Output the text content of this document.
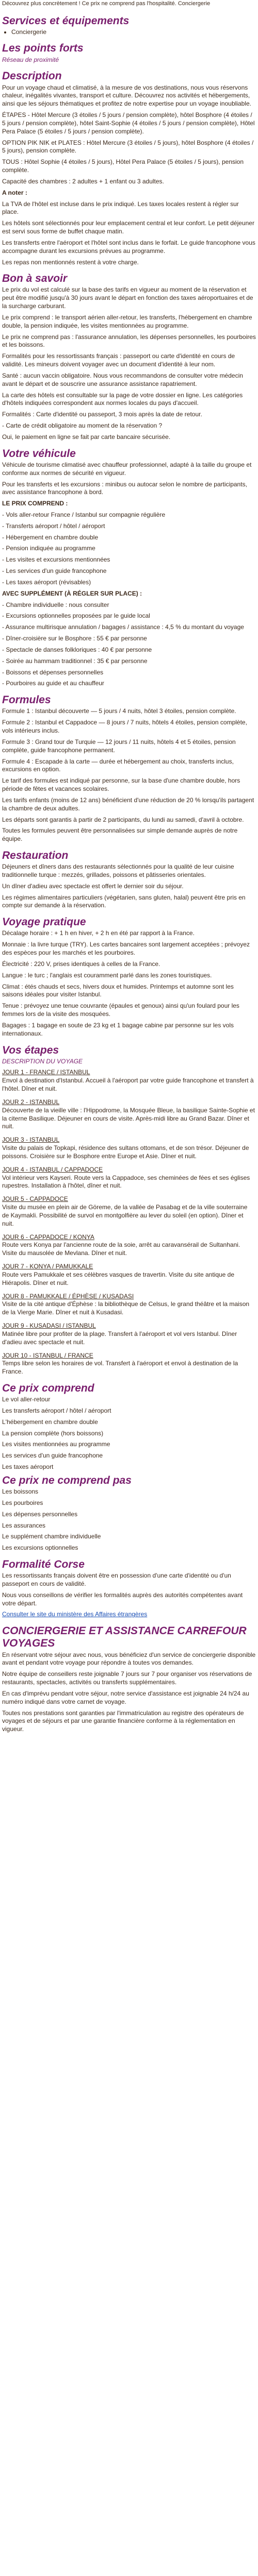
Découvrez plus concrètement ! Ce prix ne comprend pas l'hospitalité. Conciergerie

Services et équipements
• Conciergerie
Les points forts
Réseau de proximité
Description

Pour un voyage chaud et climatisé, à la mesure de vos destinations, nous vous réservons chaleur, inégalités vivantes, transport et culture. Découvrez nos activités et hébergements, ainsi que les séjours thématiques et profitez de notre expertise pour un voyage inoubliable.

ÉTAPES - Hôtel Mercure (3 étoiles / 5 jours / pension complète), hôtel Bosphore (4 étoiles / 5 jours / pension complète), hôtel Saint-Sophie (4 étoiles / 5 jours / pension complète), Hôtel Pera Palace (5 étoiles / 5 jours / pension complète).

OPTION PIK NIK et PLATES : Hôtel Mercure (3 étoiles / 5 jours), hôtel Bosphore (4 étoiles / 5 jours), pension complète.

TOUS : Hôtel Sophie (4 étoiles / 5 jours), Hôtel Pera Palace (5 étoiles / 5 jours), pension complète.

Capacité des chambres : 2 adultes + 1 enfant ou 3 adultes.

A noter :

La TVA de l'hôtel est incluse dans le prix indiqué. Les taxes locales restent à régler sur place.

Les hôtels sont sélectionnés pour leur emplacement central et leur confort. Le petit déjeuner est servi sous forme de buffet chaque matin.

Les transferts entre l'aéroport et l'hôtel sont inclus dans le forfait. Le guide francophone vous accompagne durant les excursions prévues au programme.

Les repas non mentionnés restent à votre charge.

Bon à savoir

Le prix du vol est calculé sur la base des tarifs en vigueur au moment de la réservation et peut être modifié jusqu'à 30 jours avant le départ en fonction des taxes aéroportuaires et de la surcharge carburant.

Le prix comprend : le transport aérien aller-retour, les transferts, l'hébergement en chambre double, la pension indiquée, les visites mentionnées au programme.

Le prix ne comprend pas : l'assurance annulation, les dépenses personnelles, les pourboires et les boissons.

Formalités pour les ressortissants français : passeport ou carte d'identité en cours de validité. Les mineurs doivent voyager avec un document d'identité à leur nom.

Santé : aucun vaccin obligatoire. Nous vous recommandons de consulter votre médecin avant le départ et de souscrire une assurance assistance rapatriement.

La carte des hôtels est consultable sur la page de votre dossier en ligne. Les catégories d'hôtels indiquées correspondent aux normes locales du pays d'accueil.

Formalités : Carte d'identité ou passeport, 3 mois après la date de retour.

- Carte de crédit obligatoire au moment de la réservation ?

Oui, le paiement en ligne se fait par carte bancaire sécurisée.

Votre véhicule

Véhicule de tourisme climatisé avec chauffeur professionnel, adapté à la taille du groupe et conforme aux normes de sécurité en vigueur.

Pour les transferts et les excursions : minibus ou autocar selon le nombre de participants, avec assistance francophone à bord.

LE PRIX COMPREND :

- Vols aller-retour France / Istanbul sur compagnie régulière

- Transferts aéroport / hôtel / aéroport

- Hébergement en chambre double

- Pension indiquée au programme

- Les visites et excursions mentionnées

- Les services d'un guide francophone

- Les taxes aéroport (révisables)

AVEC SUPPLÉMENT (À RÉGLER SUR PLACE) :

- Chambre individuelle : nous consulter

- Excursions optionnelles proposées par le guide local

- Assurance multirisque annulation / bagages / assistance : 4,5 % du montant du voyage

- Dîner-croisière sur le Bosphore : 55 € par personne

- Spectacle de danses folkloriques : 40 € par personne

- Soirée au hammam traditionnel : 35 € par personne

- Boissons et dépenses personnelles

- Pourboires au guide et au chauffeur

Formules

Formule 1 : Istanbul découverte — 5 jours / 4 nuits, hôtel 3 étoiles, pension complète.

Formule 2 : Istanbul et Cappadoce — 8 jours / 7 nuits, hôtels 4 étoiles, pension complète, vols intérieurs inclus.

Formule 3 : Grand tour de Turquie — 12 jours / 11 nuits, hôtels 4 et 5 étoiles, pension complète, guide francophone permanent.

Formule 4 : Escapade à la carte — durée et hébergement au choix, transferts inclus, excursions en option.

Le tarif des formules est indiqué par personne, sur la base d'une chambre double, hors période de fêtes et vacances scolaires.

Les tarifs enfants (moins de 12 ans) bénéficient d'une réduction de 20 % lorsqu'ils partagent la chambre de deux adultes.

Les départs sont garantis à partir de 2 participants, du lundi au samedi, d'avril à octobre.

Toutes les formules peuvent être personnalisées sur simple demande auprès de notre équipe.

Restauration

Déjeuners et dîners dans des restaurants sélectionnés pour la qualité de leur cuisine traditionnelle turque : mezzés, grillades, poissons et pâtisseries orientales.

Un dîner d'adieu avec spectacle est offert le dernier soir du séjour.

Les régimes alimentaires particuliers (végétarien, sans gluten, halal) peuvent être pris en compte sur demande à la réservation.

Voyage pratique

Décalage horaire : + 1 h en hiver, + 2 h en été par rapport à la France.

Monnaie : la livre turque (TRY). Les cartes bancaires sont largement acceptées ; prévoyez des espèces pour les marchés et les pourboires.

Électricité : 220 V, prises identiques à celles de la France.

Langue : le turc ; l'anglais est couramment parlé dans les zones touristiques.

Climat : étés chauds et secs, hivers doux et humides. Printemps et automne sont les saisons idéales pour visiter Istanbul.

Tenue : prévoyez une tenue couvrante (épaules et genoux) ainsi qu'un foulard pour les femmes lors de la visite des mosquées.

Bagages : 1 bagage en soute de 23 kg et 1 bagage cabine par personne sur les vols internationaux.

Vos étapes
DESCRIPTION DU VOYAGE
JOUR 1 - FRANCE / ISTANBUL
Envol à destination d'Istanbul. Accueil à l'aéroport par votre guide francophone et transfert à l'hôtel. Dîner et nuit.
JOUR 2 - ISTANBUL
Découverte de la vieille ville : l'Hippodrome, la Mosquée Bleue, la basilique Sainte-Sophie et la citerne Basilique. Déjeuner en cours de visite. Après-midi libre au Grand Bazar. Dîner et nuit.
JOUR 3 - ISTANBUL
Visite du palais de Topkapi, résidence des sultans ottomans, et de son trésor. Déjeuner de poissons. Croisière sur le Bosphore entre Europe et Asie. Dîner et nuit.
JOUR 4 - ISTANBUL / CAPPADOCE
Vol intérieur vers Kayseri. Route vers la Cappadoce, ses cheminées de fées et ses églises rupestres. Installation à l'hôtel, dîner et nuit.
JOUR 5 - CAPPADOCE
Visite du musée en plein air de Göreme, de la vallée de Pasabag et de la ville souterraine de Kaymakli. Possibilité de survol en montgolfière au lever du soleil (en option). Dîner et nuit.
JOUR 6 - CAPPADOCE / KONYA
Route vers Konya par l'ancienne route de la soie, arrêt au caravansérail de Sultanhani. Visite du mausolée de Mevlana. Dîner et nuit.
JOUR 7 - KONYA / PAMUKKALE
Route vers Pamukkale et ses célèbres vasques de travertin. Visite du site antique de Hiérapolis. Dîner et nuit.
JOUR 8 - PAMUKKALE / ÉPHÈSE / KUSADASI
Visite de la cité antique d'Éphèse : la bibliothèque de Celsus, le grand théâtre et la maison de la Vierge Marie. Dîner et nuit à Kusadasi.
JOUR 9 - KUSADASI / ISTANBUL
Matinée libre pour profiter de la plage. Transfert à l'aéroport et vol vers Istanbul. Dîner d'adieu avec spectacle et nuit.
JOUR 10 - ISTANBUL / FRANCE
Temps libre selon les horaires de vol. Transfert à l'aéroport et envol à destination de la France.
Ce prix comprend

Le vol aller-retour

Les transferts aéroport / hôtel / aéroport

L'hébergement en chambre double

La pension complète (hors boissons)

Les visites mentionnées au programme

Les services d'un guide francophone

Les taxes aéroport

Ce prix ne comprend pas

Les boissons

Les pourboires

Les dépenses personnelles

Les assurances

Le supplément chambre individuelle

Les excursions optionnelles

Formalité Corse

Les ressortissants français doivent être en possession d'une carte d'identité ou d'un passeport en cours de validité.

Nous vous conseillons de vérifier les formalités auprès des autorités compétentes avant votre départ.

Consulter le site du ministère des Affaires étrangères

CONCIERGERIE ET ASSISTANCE CARREFOUR VOYAGES

En réservant votre séjour avec nous, vous bénéficiez d'un service de conciergerie disponible avant et pendant votre voyage pour répondre à toutes vos demandes.

Notre équipe de conseillers reste joignable 7 jours sur 7 pour organiser vos réservations de restaurants, spectacles, activités ou transferts supplémentaires.

En cas d'imprévu pendant votre séjour, notre service d'assistance est joignable 24 h/24 au numéro indiqué dans votre carnet de voyage.

Toutes nos prestations sont garanties par l'immatriculation au registre des opérateurs de voyages et de séjours et par une garantie financière conforme à la réglementation en vigueur.
